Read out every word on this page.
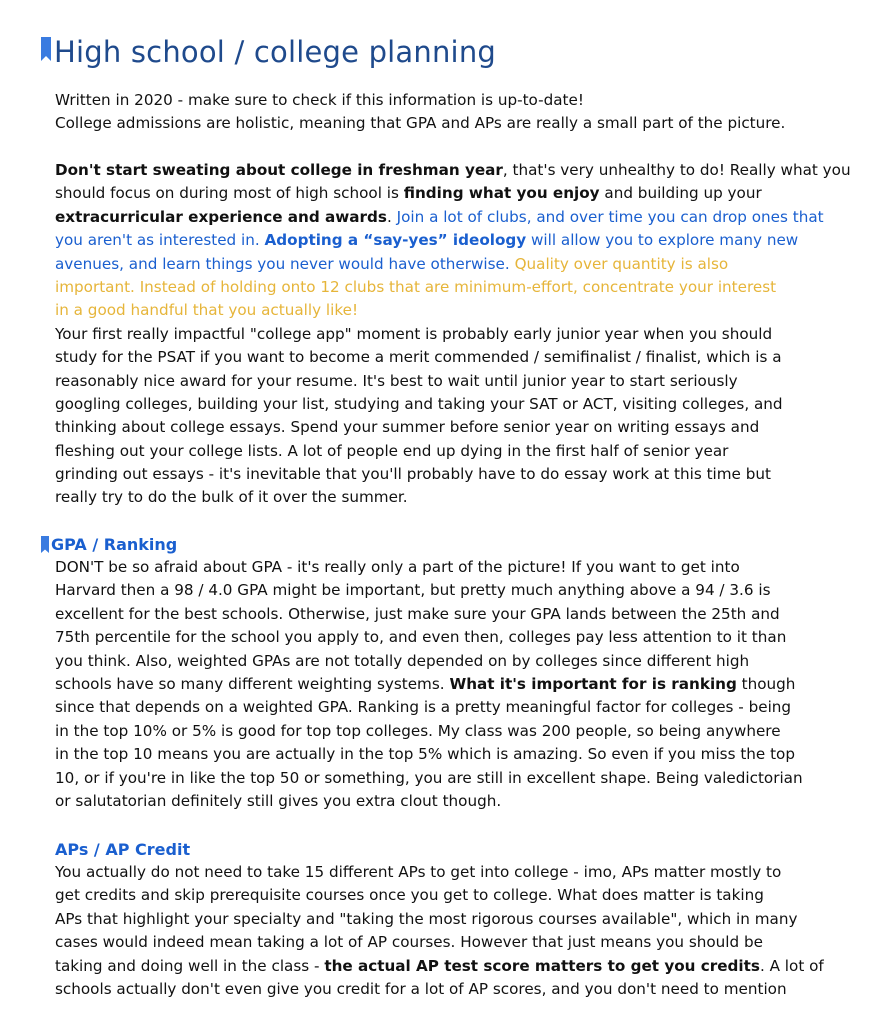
High school / college planning
Written in 2020 - make sure to check if this information is up-to-date!
College admissions are holistic, meaning that GPA and APs are really a small part of the picture.
Don't start sweating about college in freshman year, that's very unhealthy to do! Really what you
should focus on during most of high school is finding what you enjoy and building up your
extracurricular experience and awards. Join a lot of clubs, and over time you can drop ones that
you aren't as interested in. Adopting a “say-yes” ideology will allow you to explore many new
avenues, and learn things you never would have otherwise. Quality over quantity is also
important. Instead of holding onto 12 clubs that are minimum-effort, concentrate your interest
in a good handful that you actually like!
Your first really impactful "college app" moment is probably early junior year when you should
study for the PSAT if you want to become a merit commended / semifinalist / finalist, which is a
reasonably nice award for your resume. It's best to wait until junior year to start seriously
googling colleges, building your list, studying and taking your SAT or ACT, visiting colleges, and
thinking about college essays. Spend your summer before senior year on writing essays and
fleshing out your college lists. A lot of people end up dying in the first half of senior year
grinding out essays - it's inevitable that you'll probably have to do essay work at this time but
really try to do the bulk of it over the summer.
GPA / Ranking
DON'T be so afraid about GPA - it's really only a part of the picture! If you want to get into
Harvard then a 98 / 4.0 GPA might be important, but pretty much anything above a 94 / 3.6 is
excellent for the best schools. Otherwise, just make sure your GPA lands between the 25th and
75th percentile for the school you apply to, and even then, colleges pay less attention to it than
you think. Also, weighted GPAs are not totally depended on by colleges since different high
schools have so many different weighting systems. What it's important for is ranking though
since that depends on a weighted GPA. Ranking is a pretty meaningful factor for colleges - being
in the top 10% or 5% is good for top top colleges. My class was 200 people, so being anywhere
in the top 10 means you are actually in the top 5% which is amazing. So even if you miss the top
10, or if you're in like the top 50 or something, you are still in excellent shape. Being valedictorian
or salutatorian definitely still gives you extra clout though.
APs / AP Credit
You actually do not need to take 15 different APs to get into college - imo, APs matter mostly to
get credits and skip prerequisite courses once you get to college. What does matter is taking
APs that highlight your specialty and "taking the most rigorous courses available", which in many
cases would indeed mean taking a lot of AP courses. However that just means you should be
taking and doing well in the class - the actual AP test score matters to get you credits. A lot of
schools actually don't even give you credit for a lot of AP scores, and you don't need to mention
